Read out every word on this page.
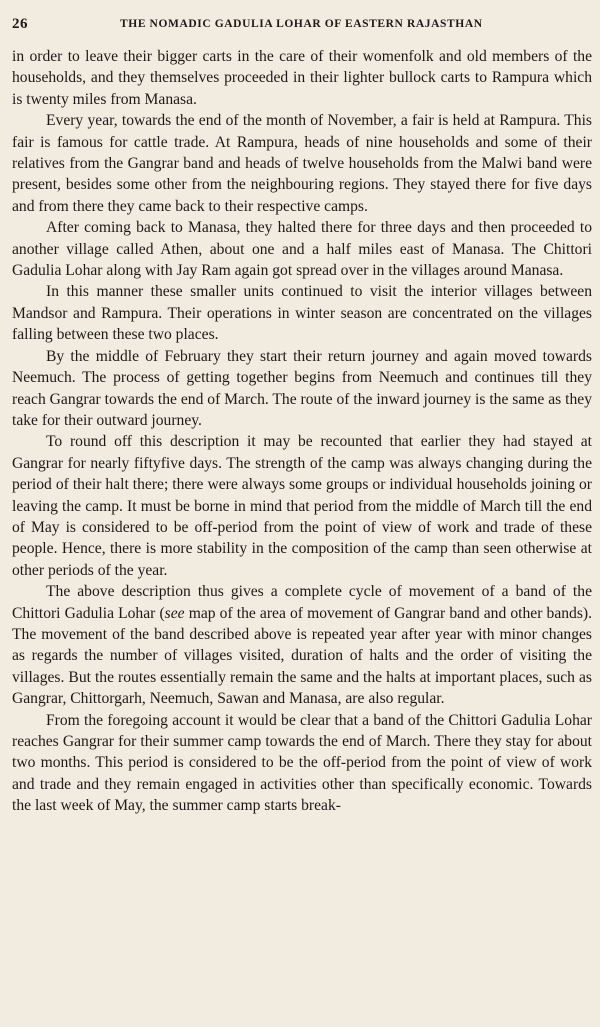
26	THE NOMADIC GADULIA LOHAR OF EASTERN RAJASTHAN

in order to leave their bigger carts in the care of their womenfolk and old members of the households, and they themselves proceeded in their lighter bullock carts to Rampura which is twenty miles from Manasa.

Every year, towards the end of the month of November, a fair is held at Rampura. This fair is famous for cattle trade. At Rampura, heads of nine households and some of their relatives from the Gangrar band and heads of twelve households from the Malwi band were present, besides some other from the neighbouring regions. They stayed there for five days and from there they came back to their respective camps.

After coming back to Manasa, they halted there for three days and then proceeded to another village called Athen, about one and a half miles east of Manasa. The Chittori Gadulia Lohar along with Jay Ram again got spread over in the villages around Manasa.

In this manner these smaller units continued to visit the interior villages between Mandsor and Rampura. Their operations in winter season are concentrated on the villages falling between these two places.

By the middle of February they start their return journey and again moved towards Neemuch. The process of getting together begins from Neemuch and continues till they reach Gangrar towards the end of March. The route of the inward journey is the same as they take for their outward journey.

To round off this description it may be recounted that earlier they had stayed at Gangrar for nearly fiftyfive days. The strength of the camp was always changing during the period of their halt there; there were always some groups or individual households joining or leaving the camp. It must be borne in mind that period from the middle of March till the end of May is considered to be off-period from the point of view of work and trade of these people. Hence, there is more stability in the composition of the camp than seen otherwise at other periods of the year.

The above description thus gives a complete cycle of movement of a band of the Chittori Gadulia Lohar (see map of the area of movement of Gangrar band and other bands). The movement of the band described above is repeated year after year with minor changes as regards the number of villages visited, duration of halts and the order of visiting the villages. But the routes essentially remain the same and the halts at important places, such as Gangrar, Chittorgarh, Neemuch, Sawan and Manasa, are also regular.

From the foregoing account it would be clear that a band of the Chittori Gadulia Lohar reaches Gangrar for their summer camp towards the end of March. There they stay for about two months. This period is considered to be the off-period from the point of view of work and trade and they remain engaged in activities other than specifically economic. Towards the last week of May, the summer camp starts break-
